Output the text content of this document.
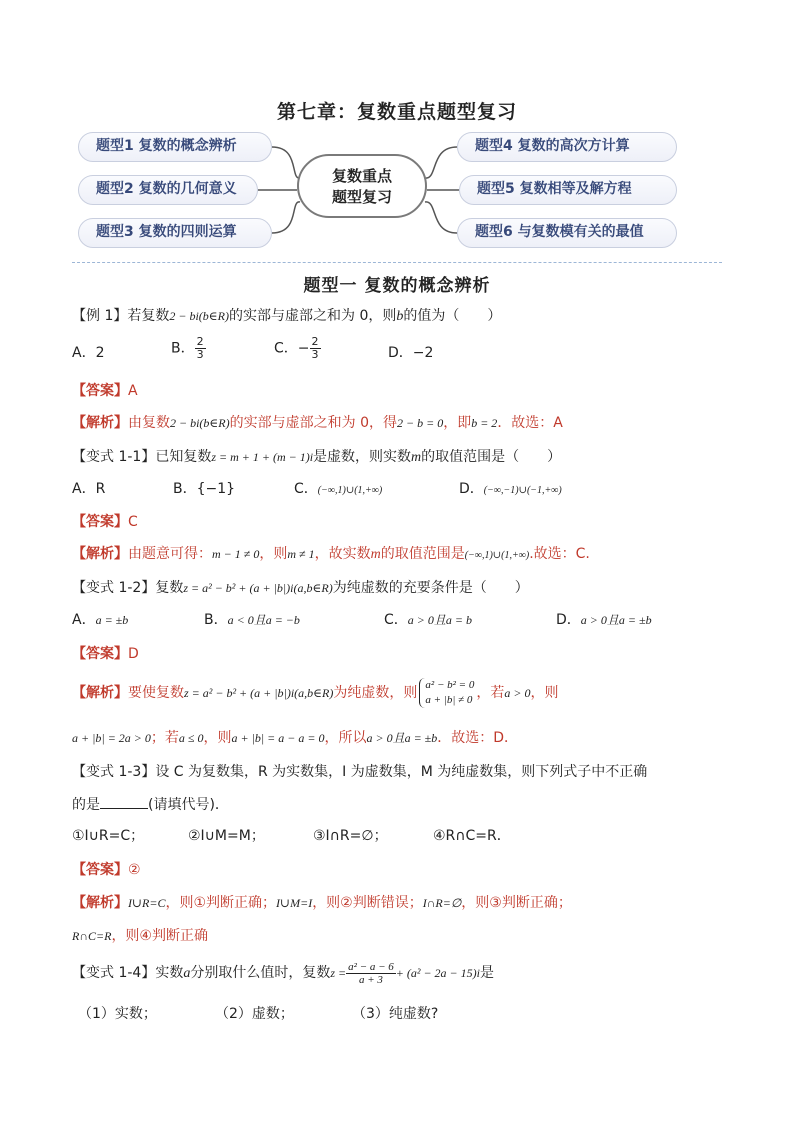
第七章：复数重点题型复习
题型1 复数的概念辨析
题型2 复数的几何意义
题型3 复数的四则运算
题型4 复数的高次方计算
题型5 复数相等及解方程
题型6 与复数模有关的最值
复数重点
题型复习
题型一 复数的概念辨析
【例 1】若复数2 − bi(b∈R)的实部与虚部之和为 0，则b的值为（　　）
A．2	B． $\frac{2}{3}$	C．− $\frac{2}{3}$	D．−2
【答案】A
【解析】由复数2 − bi(b∈R)的实部与虚部之和为 0，得2 − b = 0，即b = 2．故选：A
【变式 1-1】已知复数z = m + 1 + (m − 1)i是虚数，则实数m的取值范围是（　　）
A．R	B．{−1}	C．(−∞,1)∪(1,+∞)	D．(−∞,−1)∪(−1,+∞)
【答案】C
【解析】由题意可得：m − 1 ≠ 0，则m ≠ 1，故实数m的取值范围是(−∞,1)∪(1,+∞).故选：C.
【变式 1-2】复数z = a² − b² + (a + |b|)i(a,b∈R)为纯虚数的充要条件是（　　）
A．a = ±b	B．a < 0且a = −b	C．a > 0且a = b	D．a > 0且a = ±b
【答案】D
【解析】要使复数z = a² − b² + (a + |b|)i(a,b∈R)为纯虚数，则 a² − b² = 0
a + |b| ≠ 0 ，若a > 0，则
a + |b| = 2a > 0；若a ≤ 0，则a + |b| = a − a = 0，所以a > 0且a = ±b．故选：D．
【变式 1-3】设 C 为复数集，R 为实数集，I 为虚数集，M 为纯虚数集，则下列式子中不正确
的是	(请填代号)．
①I∪R=C；	②I∪M=M；	③I∩R=∅；	④R∩C=R．
【答案】②
【解析】I∪R=C，则①判断正确；I∪M=I，则②判断错误；I∩R=∅，则③判断正确；
R∩C=R，则④判断正确
【变式 1-4】实数a分别取什么值时，复数$z = \frac{\text{a² − a − 6}}{a + 3} + (a^2 - 2a - 15)i$是
（1）实数；	（2）虚数；	（3）纯虚数?
